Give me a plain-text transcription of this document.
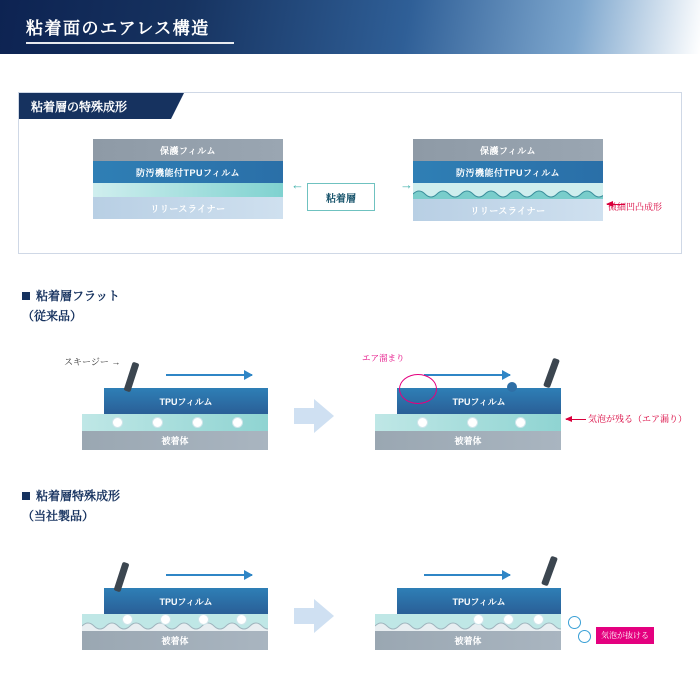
粘着面のエアレス構造
粘着層の特殊成形
保護フィルム
防汚機能付TPUフィルム
リリースライナー
←	→
保護フィルム
防汚機能付TPUフィルム
リリースライナー
粘着層
微細凹凸成形
粘着層フラット
（従来品）
スキージー →
TPUフィルム
被着体
TPUフィルム
被着体
エア溜まり
気泡が残る（エア漏り）
粘着層特殊成形
（当社製品）
TPUフィルム
被着体
TPUフィルム
被着体
気泡が抜ける
